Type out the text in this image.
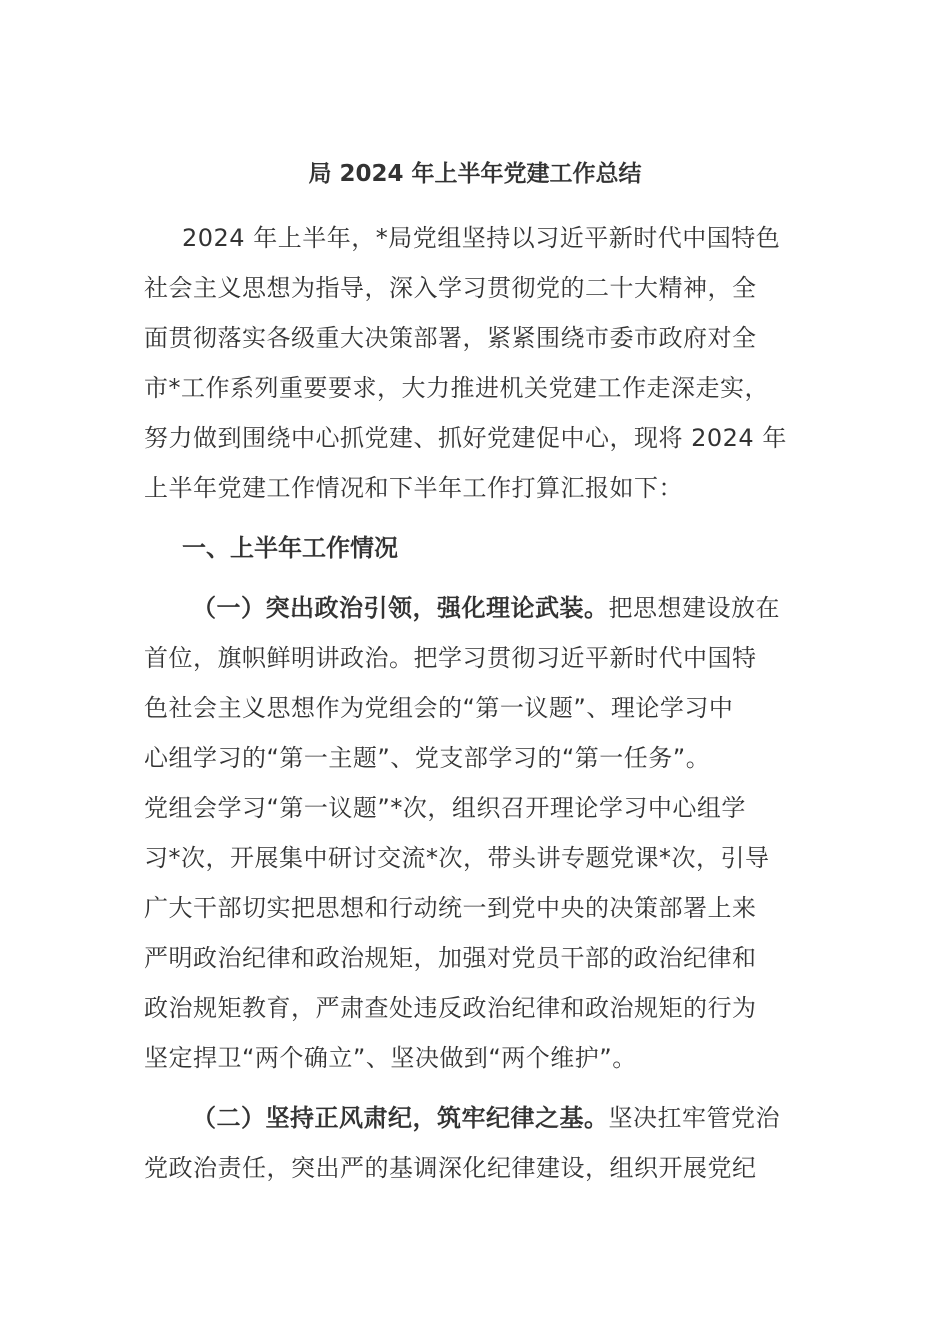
局 2024 年上半年党建工作总结

2024 年上半年，*局党组坚持以习近平新时代中国特色
社会主义思想为指导，深入学习贯彻党的二十大精神，全
面贯彻落实各级重大决策部署，紧紧围绕市委市政府对全
市*工作系列重要要求，大力推进机关党建工作走深走实，
努力做到围绕中心抓党建、抓好党建促中心，现将 2024 年
上半年党建工作情况和下半年工作打算汇报如下：

一、上半年工作情况

（一）突出政治引领，强化理论武装。把思想建设放在
首位，旗帜鲜明讲政治。把学习贯彻习近平新时代中国特
色社会主义思想作为党组会的“第一议题”、理论学习中
心组学习的“第一主题”、党支部学习的“第一任务”。
党组会学习“第一议题”*次，组织召开理论学习中心组学
习*次，开展集中研讨交流*次，带头讲专题党课*次，引导
广大干部切实把思想和行动统一到党中央的决策部署上来
严明政治纪律和政治规矩，加强对党员干部的政治纪律和
政治规矩教育，严肃查处违反政治纪律和政治规矩的行为
坚定捍卫“两个确立”、坚决做到“两个维护”。

（二）坚持正风肃纪，筑牢纪律之基。坚决扛牢管党治
党政治责任，突出严的基调深化纪律建设，组织开展党纪
